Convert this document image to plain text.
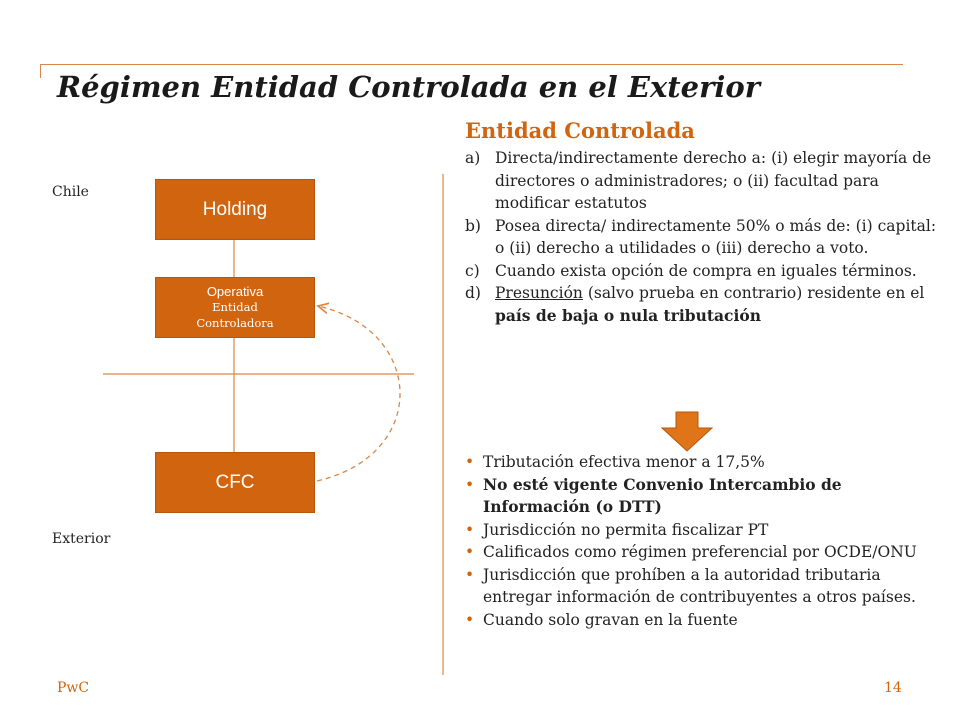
Régimen Entidad Controlada en el Exterior
Chile
Exterior
Holding
Operativa
Entidad
Controladora
CFC
Entidad Controlada
a) Directa/indirectamente derecho a: (i) elegir mayoría de directores o administradores; o (ii) facultad para modificar estatutos
b) Posea directa/ indirectamente 50% o más de: (i) capital: o (ii) derecho a utilidades o (iii) derecho a voto.
c) Cuando exista opción de compra en iguales términos.
d) Presunción (salvo prueba en contrario) residente en el país de baja o nula tributación
• Tributación efectiva menor a 17,5%
• No esté vigente Convenio Intercambio de Información (o DTT)
• Jurisdicción no permita fiscalizar PT
• Calificados como régimen preferencial por OCDE/ONU
• Jurisdicción que prohíben a la autoridad tributaria entregar información de contribuyentes a otros países.
• Cuando solo gravan en la fuente
PwC	14
